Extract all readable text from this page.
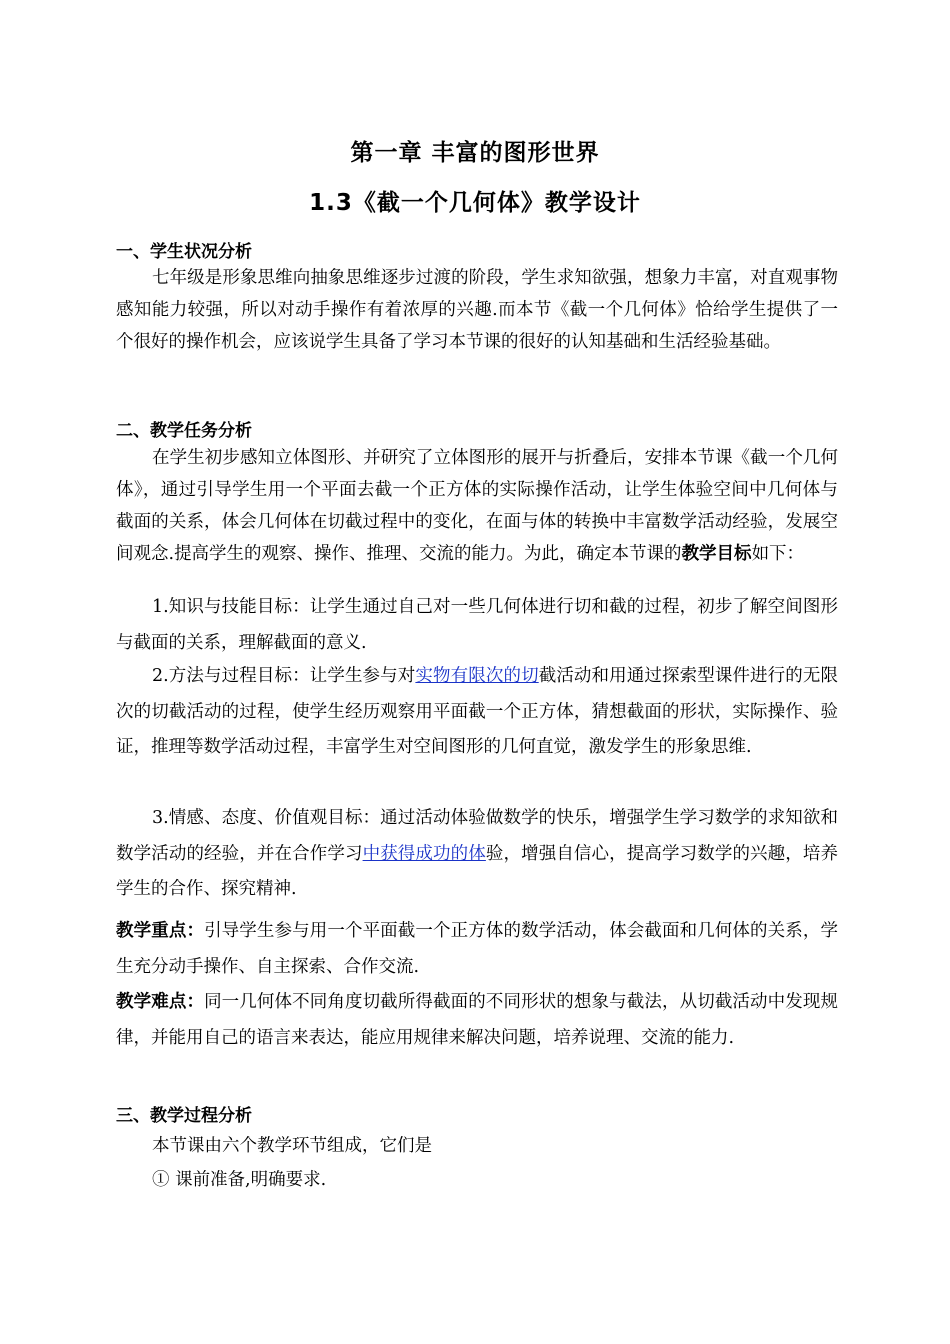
第一章 丰富的图形世界
1.3《截一个几何体》教学设计
一、学生状况分析
七年级是形象思维向抽象思维逐步过渡的阶段，学生求知欲强，想象力丰富，对直观事物感知能力较强，所以对动手操作有着浓厚的兴趣.而本节《截一个几何体》恰给学生提供了一个很好的操作机会，应该说学生具备了学习本节课的很好的认知基础和生活经验基础。
二、教学任务分析
在学生初步感知立体图形、并研究了立体图形的展开与折叠后，安排本节课《截一个几何体》，通过引导学生用一个平面去截一个正方体的实际操作活动，让学生体验空间中几何体与截面的关系，体会几何体在切截过程中的变化，在面与体的转换中丰富数学活动经验，发展空间观念.提高学生的观察、操作、推理、交流的能力。为此，确定本节课的教学目标如下：
1.知识与技能目标：让学生通过自己对一些几何体进行切和截的过程，初步了解空间图形与截面的关系，理解截面的意义.
2.方法与过程目标：让学生参与对实物有限次的切截活动和用通过探索型课件进行的无限次的切截活动的过程，使学生经历观察用平面截一个正方体，猜想截面的形状，实际操作、验证，推理等数学活动过程，丰富学生对空间图形的几何直觉，激发学生的形象思维.
3.情感、态度、价值观目标：通过活动体验做数学的快乐，增强学生学习数学的求知欲和数学活动的经验，并在合作学习中获得成功的体验，增强自信心，提高学习数学的兴趣，培养学生的合作、探究精神.
教学重点：引导学生参与用一个平面截一个正方体的数学活动，体会截面和几何体的关系，学生充分动手操作、自主探索、合作交流.
教学难点：同一几何体不同角度切截所得截面的不同形状的想象与截法，从切截活动中发现规律，并能用自己的语言来表达，能应用规律来解决问题，培养说理、交流的能力.
三、教学过程分析
本节课由六个教学环节组成，它们是
① 课前准备,明确要求.
